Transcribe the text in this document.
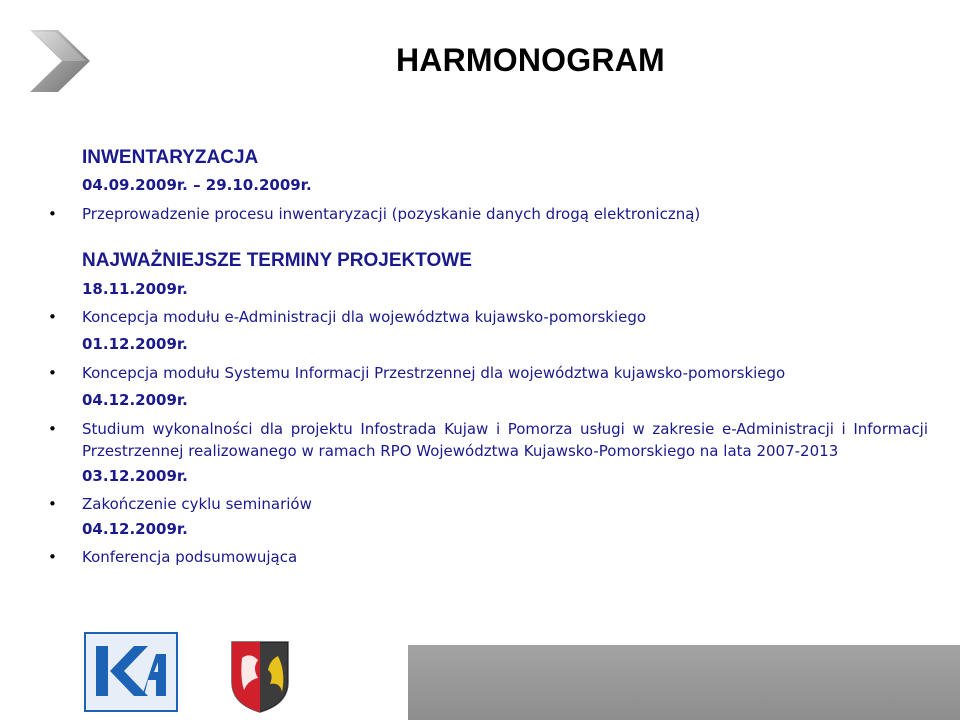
HARMONOGRAM

INWENTARYZACJA

04.09.2009r. – 29.10.2009r.

•	Przeprowadzenie procesu inwentaryzacji (pozyskanie danych drogą elektroniczną)

NAJWAŻNIEJSZE TERMINY PROJEKTOWE

18.11.2009r.

•	Koncepcja modułu e-Administracji dla województwa kujawsko-pomorskiego

01.12.2009r.

•	Koncepcja modułu Systemu Informacji Przestrzennej dla województwa kujawsko-pomorskiego

04.12.2009r.

•	Studium wykonalności dla projektu Infostrada Kujaw i Pomorza usługi w zakresie e-Administracji i Informacji Przestrzennej realizowanego w ramach RPO Województwa Kujawsko-Pomorskiego na lata 2007-2013

03.12.2009r.

•	Zakończenie cyklu seminariów

04.12.2009r.

•	Konferencja podsumowująca
